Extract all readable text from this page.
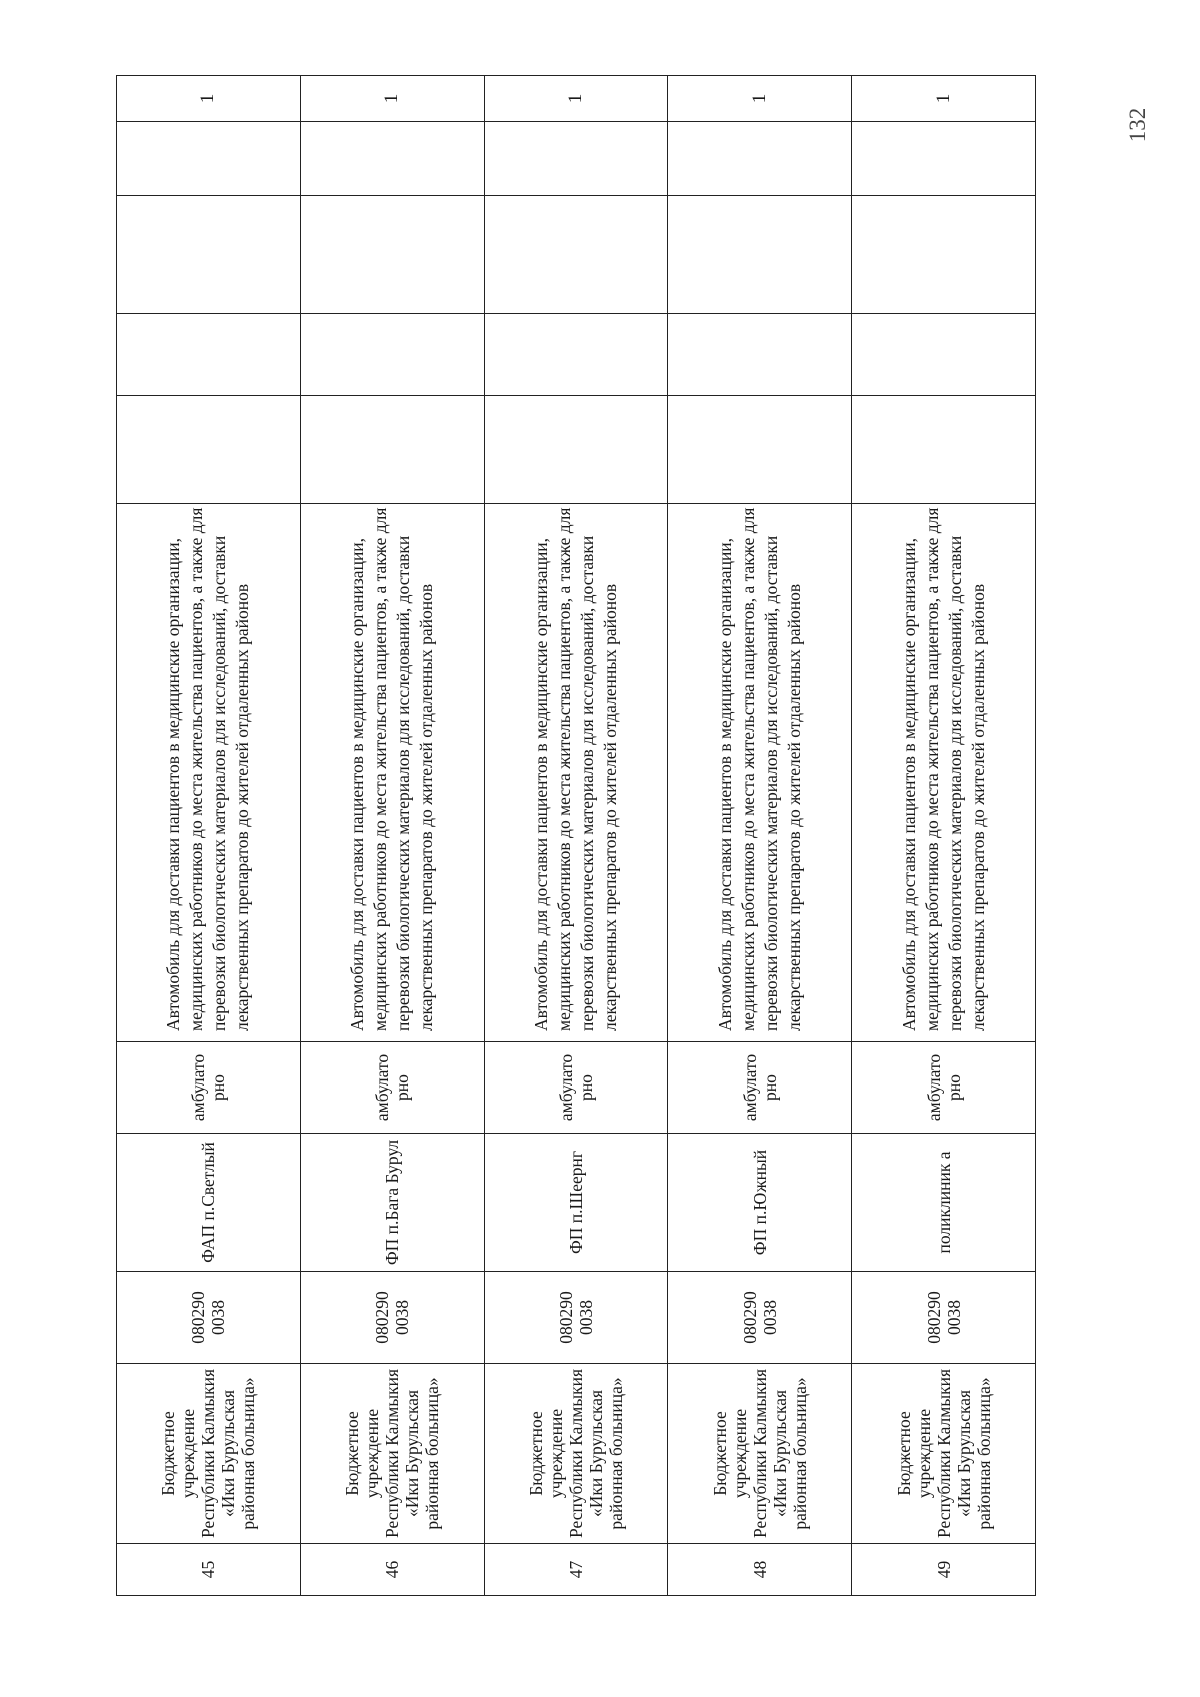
45	Бюджетное учреждение Республики Калмыкия «Ики Бурульская районная больница»	080290 0038	ФАП п.Светлый	амбулато рно	Автомобиль для доставки пациентов в медицинские организации, медицинских работников до места жительства пациентов, а также для перевозки биологических материалов для исследований, доставки лекарственных препаратов до жителей отдаленных районов					1
46	Бюджетное учреждение Республики Калмыкия «Ики Бурульская районная больница»	080290 0038	ФП п.Бага Бурул	амбулато рно	Автомобиль для доставки пациентов в медицинские организации, медицинских работников до места жительства пациентов, а также для перевозки биологических материалов для исследований, доставки лекарственных препаратов до жителей отдаленных районов					1
47	Бюджетное учреждение Республики Калмыкия «Ики Бурульская районная больница»	080290 0038	ФП п.Шеернг	амбулато рно	Автомобиль для доставки пациентов в медицинские организации, медицинских работников до места жительства пациентов, а также для перевозки биологических материалов для исследований, доставки лекарственных препаратов до жителей отдаленных районов					1
48	Бюджетное учреждение Республики Калмыкия «Ики Бурульская районная больница»	080290 0038	ФП п.Южный	амбулато рно	Автомобиль для доставки пациентов в медицинские организации, медицинских работников до места жительства пациентов, а также для перевозки биологических материалов для исследований, доставки лекарственных препаратов до жителей отдаленных районов					1
49	Бюджетное учреждение Республики Калмыкия «Ики Бурульская районная больница»	080290 0038	поликлиник а	амбулато рно	Автомобиль для доставки пациентов в медицинские организации, медицинских работников до места жительства пациентов, а также для перевозки биологических материалов для исследований, доставки лекарственных препаратов до жителей отдаленных районов					1
132
